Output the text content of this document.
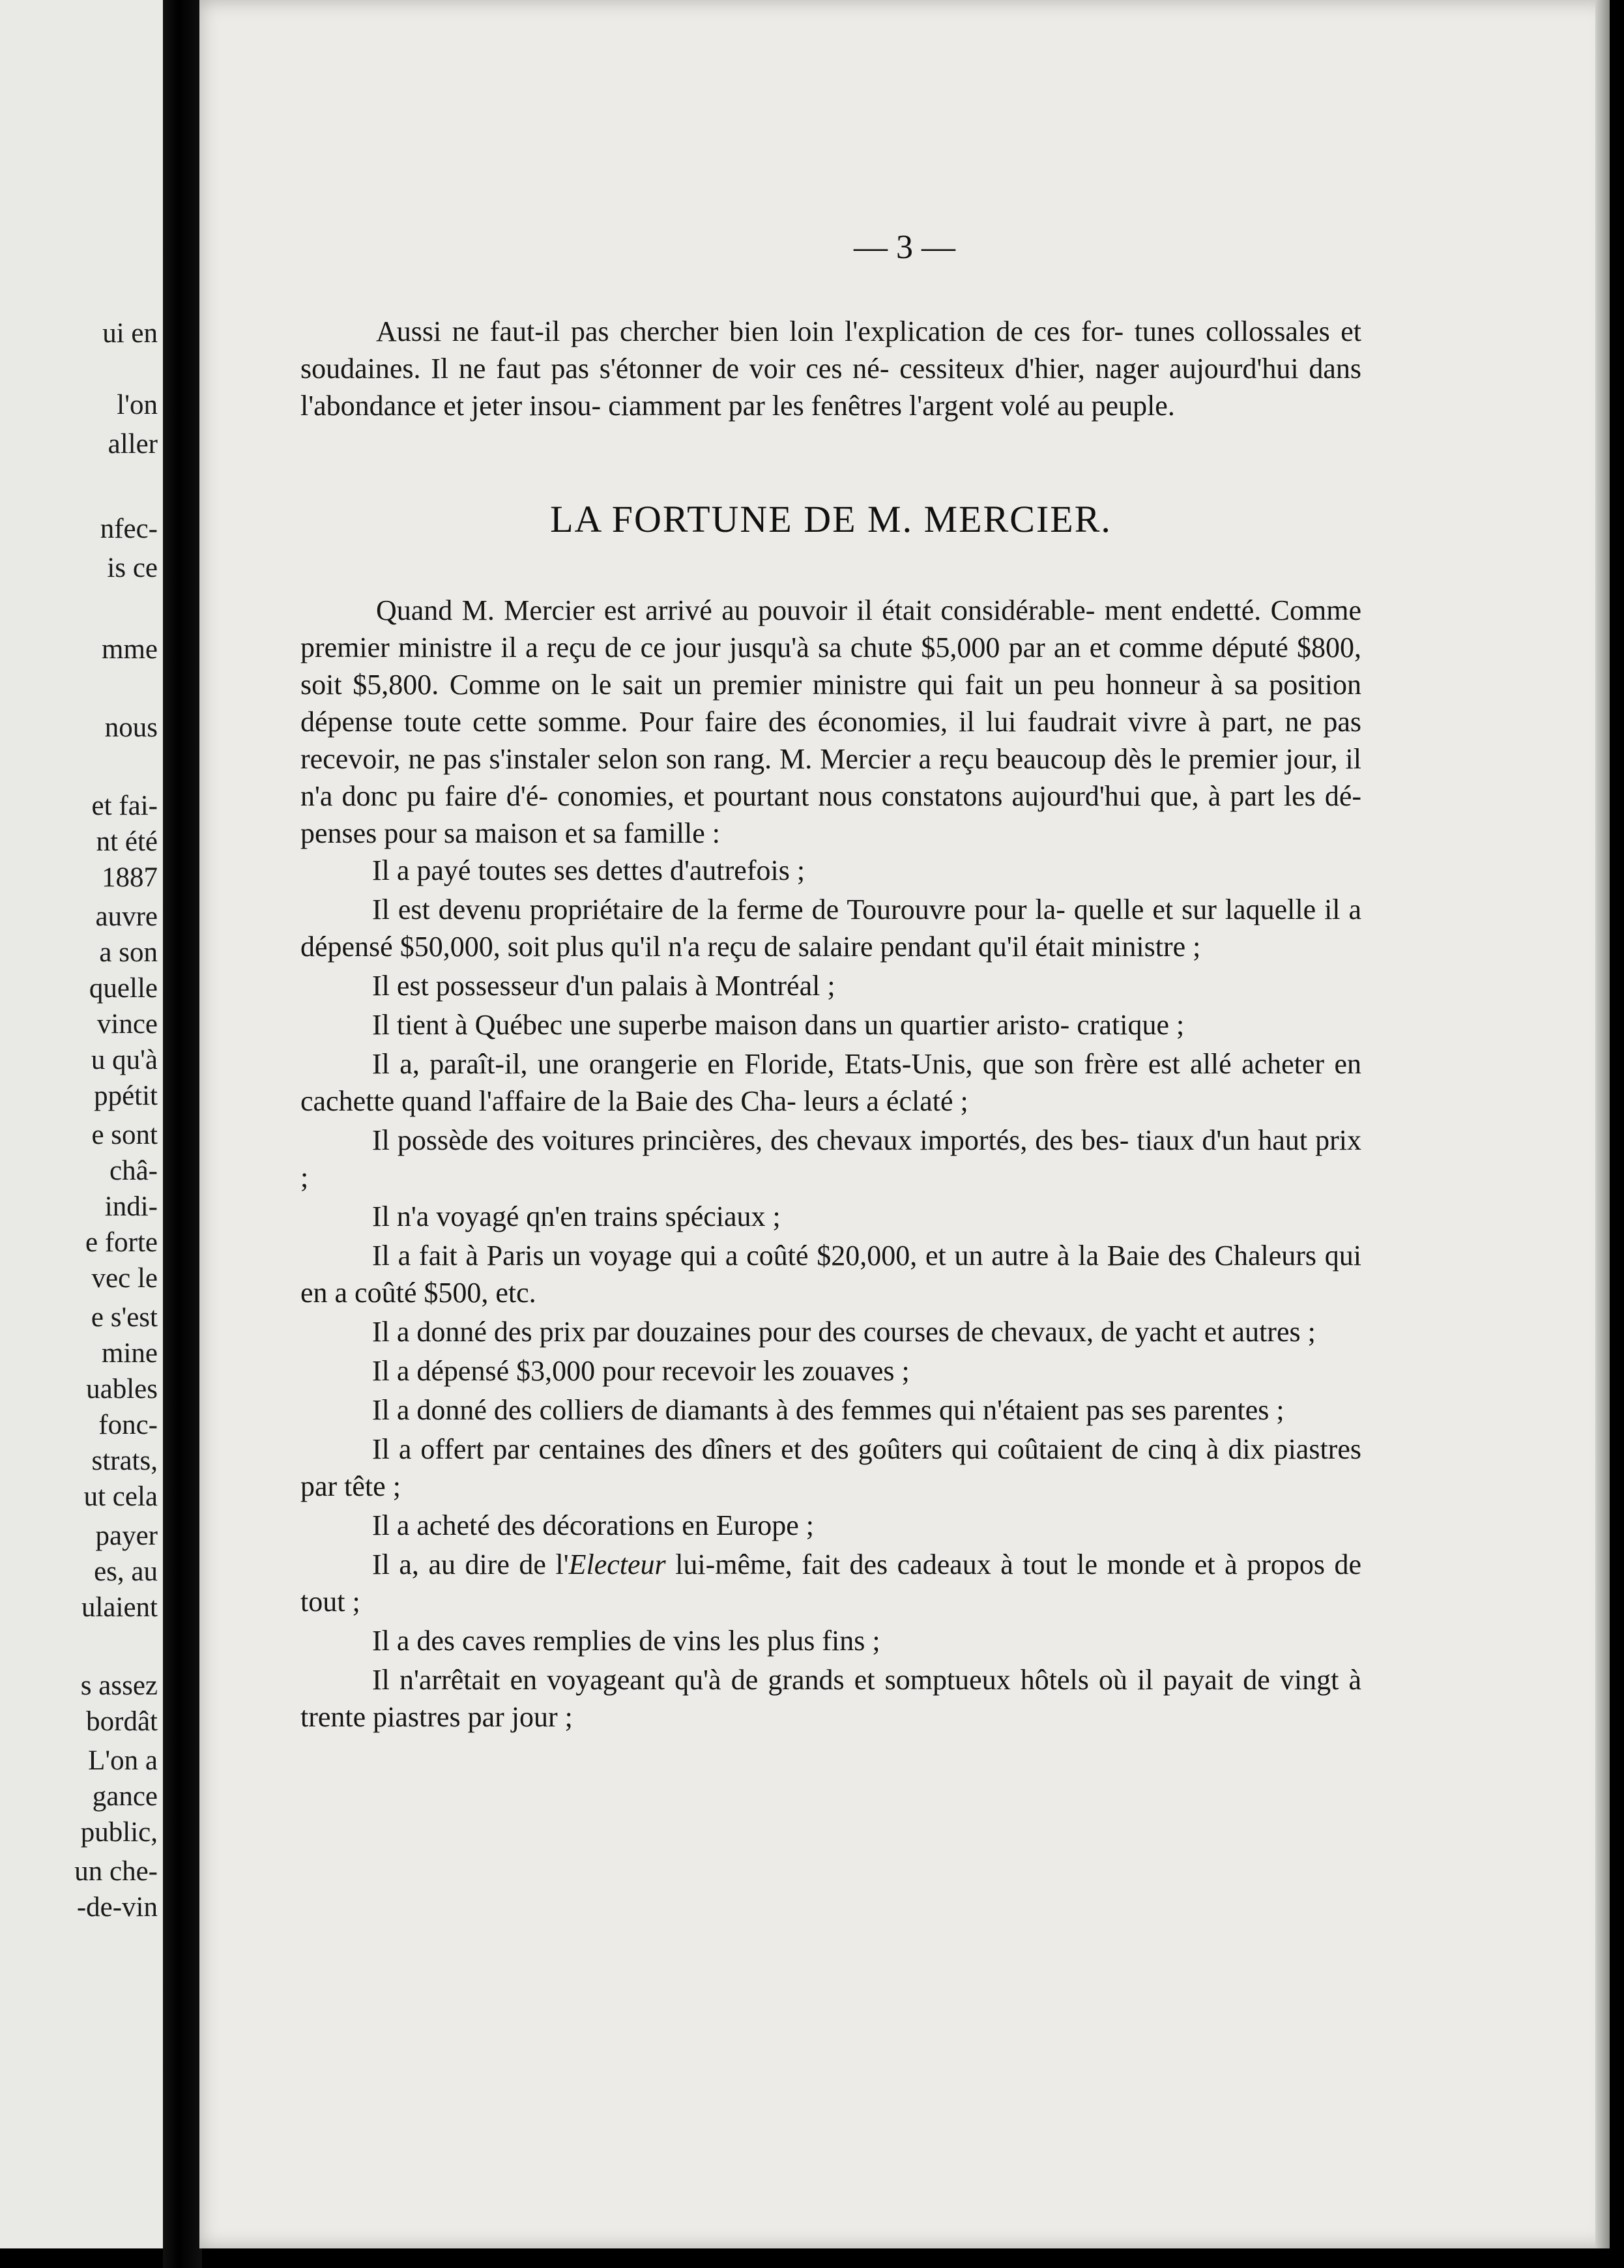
ui en
l'on
aller
nfec-
is ce
mme
nous
et fai-
nt été
1887
auvre
a son
quelle
vince
u qu'à
ppétit
e sont
châ-
indi-
e forte
vec le
e s'est
mine
uables
fonc-
strats,
ut cela
payer
es, au
ulaient
s assez
bordât
L'on a
gance
public,
un che-
-de-vin
— 3 —

Aussi ne faut-il pas chercher bien loin l'explication de ces for- tunes collossales et soudaines. Il ne faut pas s'étonner de voir ces né- cessiteux d'hier, nager aujourd'hui dans l'abondance et jeter insou- ciamment par les fenêtres l'argent volé au peuple.

LA FORTUNE DE M. MERCIER.

Quand M. Mercier est arrivé au pouvoir il était considérable- ment endetté. Comme premier ministre il a reçu de ce jour jusqu'à sa chute $5,000 par an et comme député $800, soit $5,800. Comme on le sait un premier ministre qui fait un peu honneur à sa position dépense toute cette somme. Pour faire des économies, il lui faudrait vivre à part, ne pas recevoir, ne pas s'instaler selon son rang. M. Mercier a reçu beaucoup dès le premier jour, il n'a donc pu faire d'é- conomies, et pourtant nous constatons aujourd'hui que, à part les dé- penses pour sa maison et sa famille :

Il a payé toutes ses dettes d'autrefois ;

Il est devenu propriétaire de la ferme de Tourouvre pour la- quelle et sur laquelle il a dépensé $50,000, soit plus qu'il n'a reçu de salaire pendant qu'il était ministre ;

Il est possesseur d'un palais à Montréal ;

Il tient à Québec une superbe maison dans un quartier aristo- cratique ;

Il a, paraît-il, une orangerie en Floride, Etats-Unis, que son frère est allé acheter en cachette quand l'affaire de la Baie des Cha- leurs a éclaté ;

Il possède des voitures princières, des chevaux importés, des bes- tiaux d'un haut prix ;

Il n'a voyagé qn'en trains spéciaux ;

Il a fait à Paris un voyage qui a coûté $20,000, et un autre à la Baie des Chaleurs qui en a coûté $500, etc.

Il a donné des prix par douzaines pour des courses de chevaux, de yacht et autres ;

Il a dépensé $3,000 pour recevoir les zouaves ;

Il a donné des colliers de diamants à des femmes qui n'étaient pas ses parentes ;

Il a offert par centaines des dîners et des goûters qui coûtaient de cinq à dix piastres par tête ;

Il a acheté des décorations en Europe ;

Il a, au dire de l'Electeur lui-même, fait des cadeaux à tout le monde et à propos de tout ;

Il a des caves remplies de vins les plus fins ;

Il n'arrêtait en voyageant qu'à de grands et somptueux hôtels où il payait de vingt à trente piastres par jour ;
